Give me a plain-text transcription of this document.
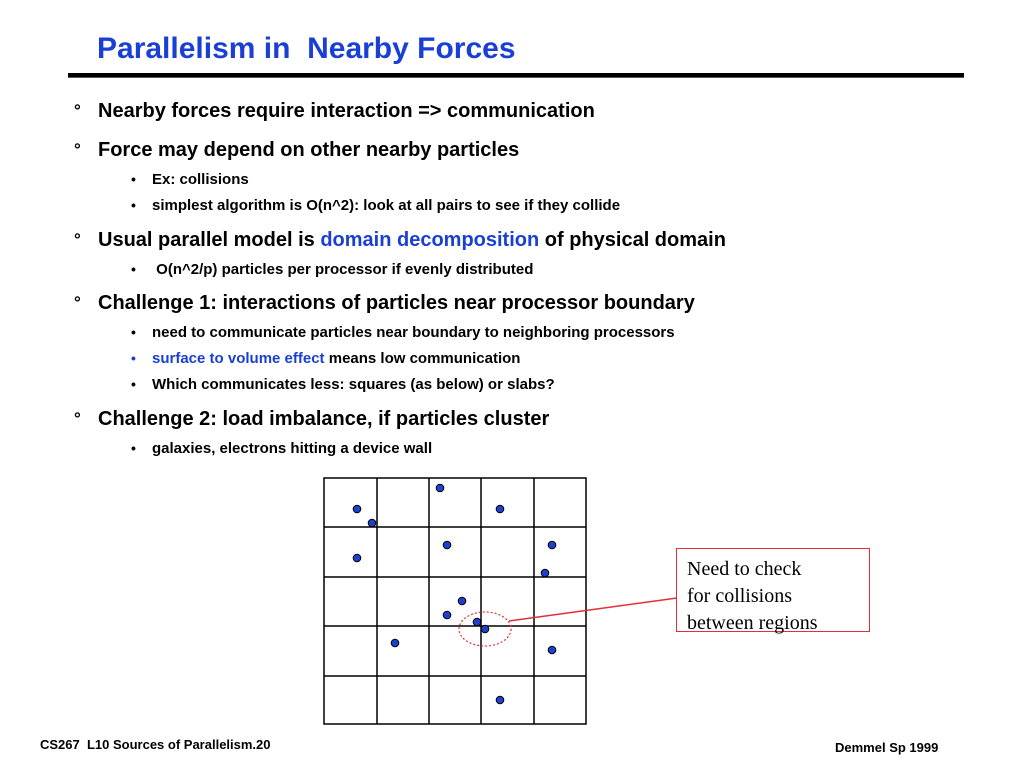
Parallelism in  Nearby Forces
° Nearby forces require interaction => communication
° Force may depend on other nearby particles
• Ex: collisions
• simplest algorithm is O(n^2): look at all pairs to see if they collide
° Usual parallel model is domain decomposition of physical domain
• O(n^2/p) particles per processor if evenly distributed
° Challenge 1: interactions of particles near processor boundary
• need to communicate particles near boundary to neighboring processors
• surface to volume effect means low communication
• Which communicates less: squares (as below) or slabs?
° Challenge 2: load imbalance, if particles cluster
• galaxies, electrons hitting a device wall
Need to check
for collisions
between regions
CS267  L10 Sources of Parallelism.20	Demmel Sp 1999
